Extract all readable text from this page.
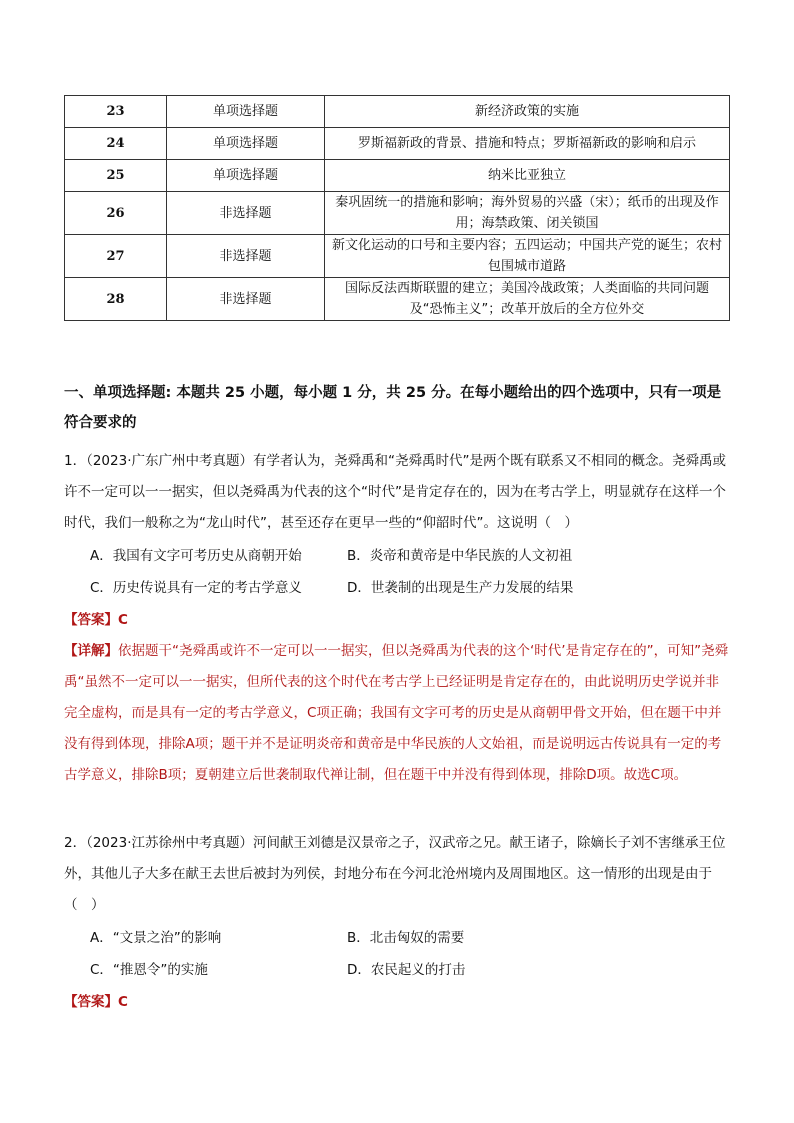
23	单项选择题	新经济政策的实施
24	单项选择题	罗斯福新政的背景、措施和特点；罗斯福新政的影响和启示
25	单项选择题	纳米比亚独立
26	非选择题	秦巩固统一的措施和影响；海外贸易的兴盛（宋）；纸币的出现及作用；海禁政策、闭关锁国
27	非选择题	新文化运动的口号和主要内容；五四运动；中国共产党的诞生；农村包围城市道路
28	非选择题	国际反法西斯联盟的建立；美国冷战政策；人类面临的共同问题及“恐怖主义”；改革开放后的全方位外交
一、单项选择题: 本题共 25 小题，每小题 1 分，共 25 分。在每小题给出的四个选项中，只有一项是符合要求的
1．（2023·广东广州中考真题）有学者认为，尧舜禹和“尧舜禹时代”是两个既有联系又不相同的概念。尧舜禹或许不一定可以一一据实，但以尧舜禹为代表的这个“时代”是肯定存在的，因为在考古学上，明显就存在这样一个时代，我们一般称之为“龙山时代”，甚至还存在更早一些的“仰韶时代”。这说明（　）
A．我国有文字可考历史从商朝开始	B．炎帝和黄帝是中华民族的人文初祖
C．历史传说具有一定的考古学意义	D．世袭制的出现是生产力发展的结果
【答案】C
【详解】依据题干“尧舜禹或许不一定可以一一据实，但以尧舜禹为代表的这个‘时代’是肯定存在的”，可知”尧舜禹“虽然不一定可以一一据实，但所代表的这个时代在考古学上已经证明是肯定存在的，由此说明历史学说并非完全虚构，而是具有一定的考古学意义，C项正确；我国有文字可考的历史是从商朝甲骨文开始，但在题干中并没有得到体现，排除A项；题干并不是证明炎帝和黄帝是中华民族的人文始祖，而是说明远古传说具有一定的考古学意义，排除B项；夏朝建立后世袭制取代禅让制，但在题干中并没有得到体现，排除D项。故选C项。
2．（2023·江苏徐州中考真题）河间献王刘德是汉景帝之子，汉武帝之兄。献王诸子，除嫡长子刘不害继承王位外，其他儿子大多在献王去世后被封为列侯，封地分布在今河北沧州境内及周围地区。这一情形的出现是由于（　）
A．“文景之治”的影响	B．北击匈奴的需要
C．“推恩令”的实施	D．农民起义的打击
【答案】C
